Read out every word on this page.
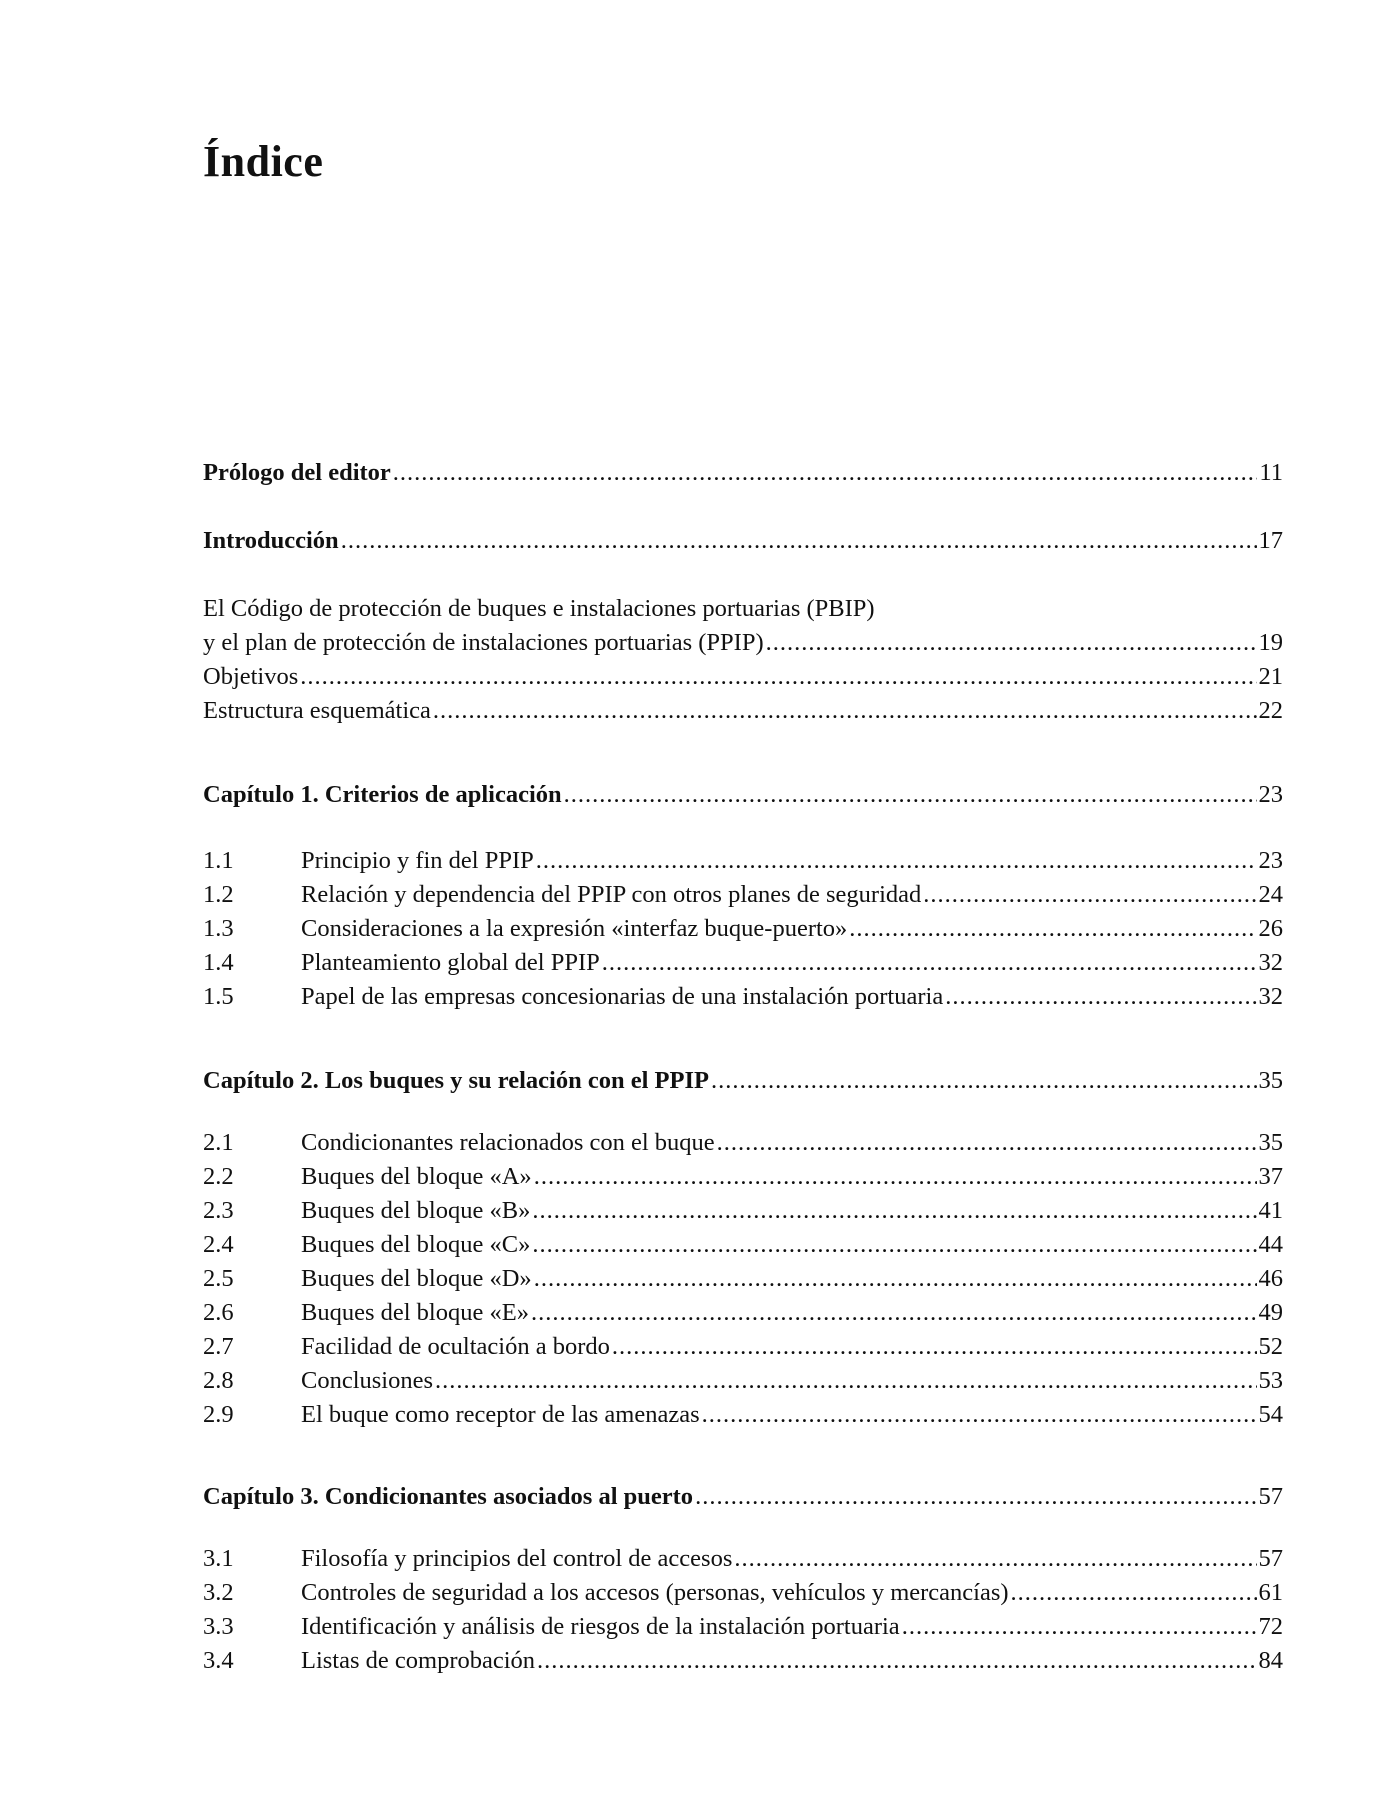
Índice
Prólogo del editor .....	11
Introducción .....	17
El Código de protección de buques e instalaciones portuarias (PBIP)
y el plan de protección de instalaciones portuarias (PPIP) .....	19
Objetivos .....	21
Estructura esquemática .....	22
Capítulo 1. Criterios de aplicación .....	23
1.1	Principio y fin del PPIP .....	23
1.2	Relación y dependencia del PPIP con otros planes de seguridad .....	24
1.3	Consideraciones a la expresión «interfaz buque-puerto» .....	26
1.4	Planteamiento global del PPIP .....	32
1.5	Papel de las empresas concesionarias de una instalación portuaria .....	32
Capítulo 2. Los buques y su relación con el PPIP .....	35
2.1	Condicionantes relacionados con el buque .....	35
2.2	Buques del bloque «A» .....	37
2.3	Buques del bloque «B» .....	41
2.4	Buques del bloque «C» .....	44
2.5	Buques del bloque «D» .....	46
2.6	Buques del bloque «E» .....	49
2.7	Facilidad de ocultación a bordo .....	52
2.8	Conclusiones .....	53
2.9	El buque como receptor de las amenazas .....	54
Capítulo 3. Condicionantes asociados al puerto .....	57
3.1	Filosofía y principios del control de accesos .....	57
3.2	Controles de seguridad a los accesos (personas, vehículos y mercancías) .....	61
3.3	Identificación y análisis de riesgos de la instalación portuaria .....	72
3.4	Listas de comprobación .....	84
